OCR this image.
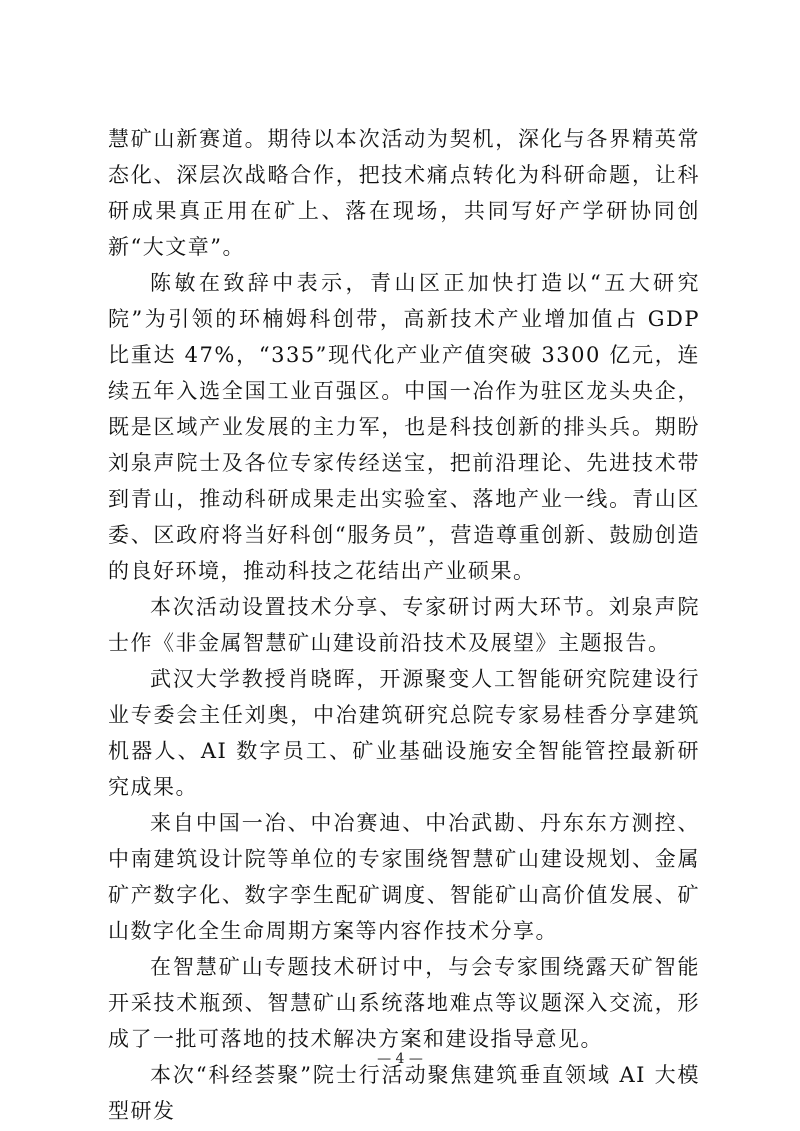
慧矿山新赛道。期待以本次活动为契机，深化与各界精英常态化、深层次战略合作，把技术痛点转化为科研命题，让科研成果真正用在矿上、落在现场，共同写好产学研协同创新“大文章”。

陈敏在致辞中表示，青山区正加快打造以“五大研究院”为引领的环楠姆科创带，高新技术产业增加值占 GDP 比重达 47%，“335”现代化产业产值突破 3300 亿元，连续五年入选全国工业百强区。中国一冶作为驻区龙头央企，既是区域产业发展的主力军，也是科技创新的排头兵。期盼刘泉声院士及各位专家传经送宝，把前沿理论、先进技术带到青山，推动科研成果走出实验室、落地产业一线。青山区委、区政府将当好科创“服务员”，营造尊重创新、鼓励创造的良好环境，推动科技之花结出产业硕果。

本次活动设置技术分享、专家研讨两大环节。刘泉声院士作《非金属智慧矿山建设前沿技术及展望》主题报告。

武汉大学教授肖晓晖，开源聚变人工智能研究院建设行业专委会主任刘奥，中冶建筑研究总院专家易桂香分享建筑机器人、AI 数字员工、矿业基础设施安全智能管控最新研究成果。

来自中国一冶、中冶赛迪、中冶武勘、丹东东方测控、中南建筑设计院等单位的专家围绕智慧矿山建设规划、金属矿产数字化、数字孪生配矿调度、智能矿山高价值发展、矿山数字化全生命周期方案等内容作技术分享。

在智慧矿山专题技术研讨中，与会专家围绕露天矿智能开采技术瓶颈、智慧矿山系统落地难点等议题深入交流，形成了一批可落地的技术解决方案和建设指导意见。

本次“科经荟聚”院士行活动聚焦建筑垂直领域 AI 大模型研发

— 4 —
